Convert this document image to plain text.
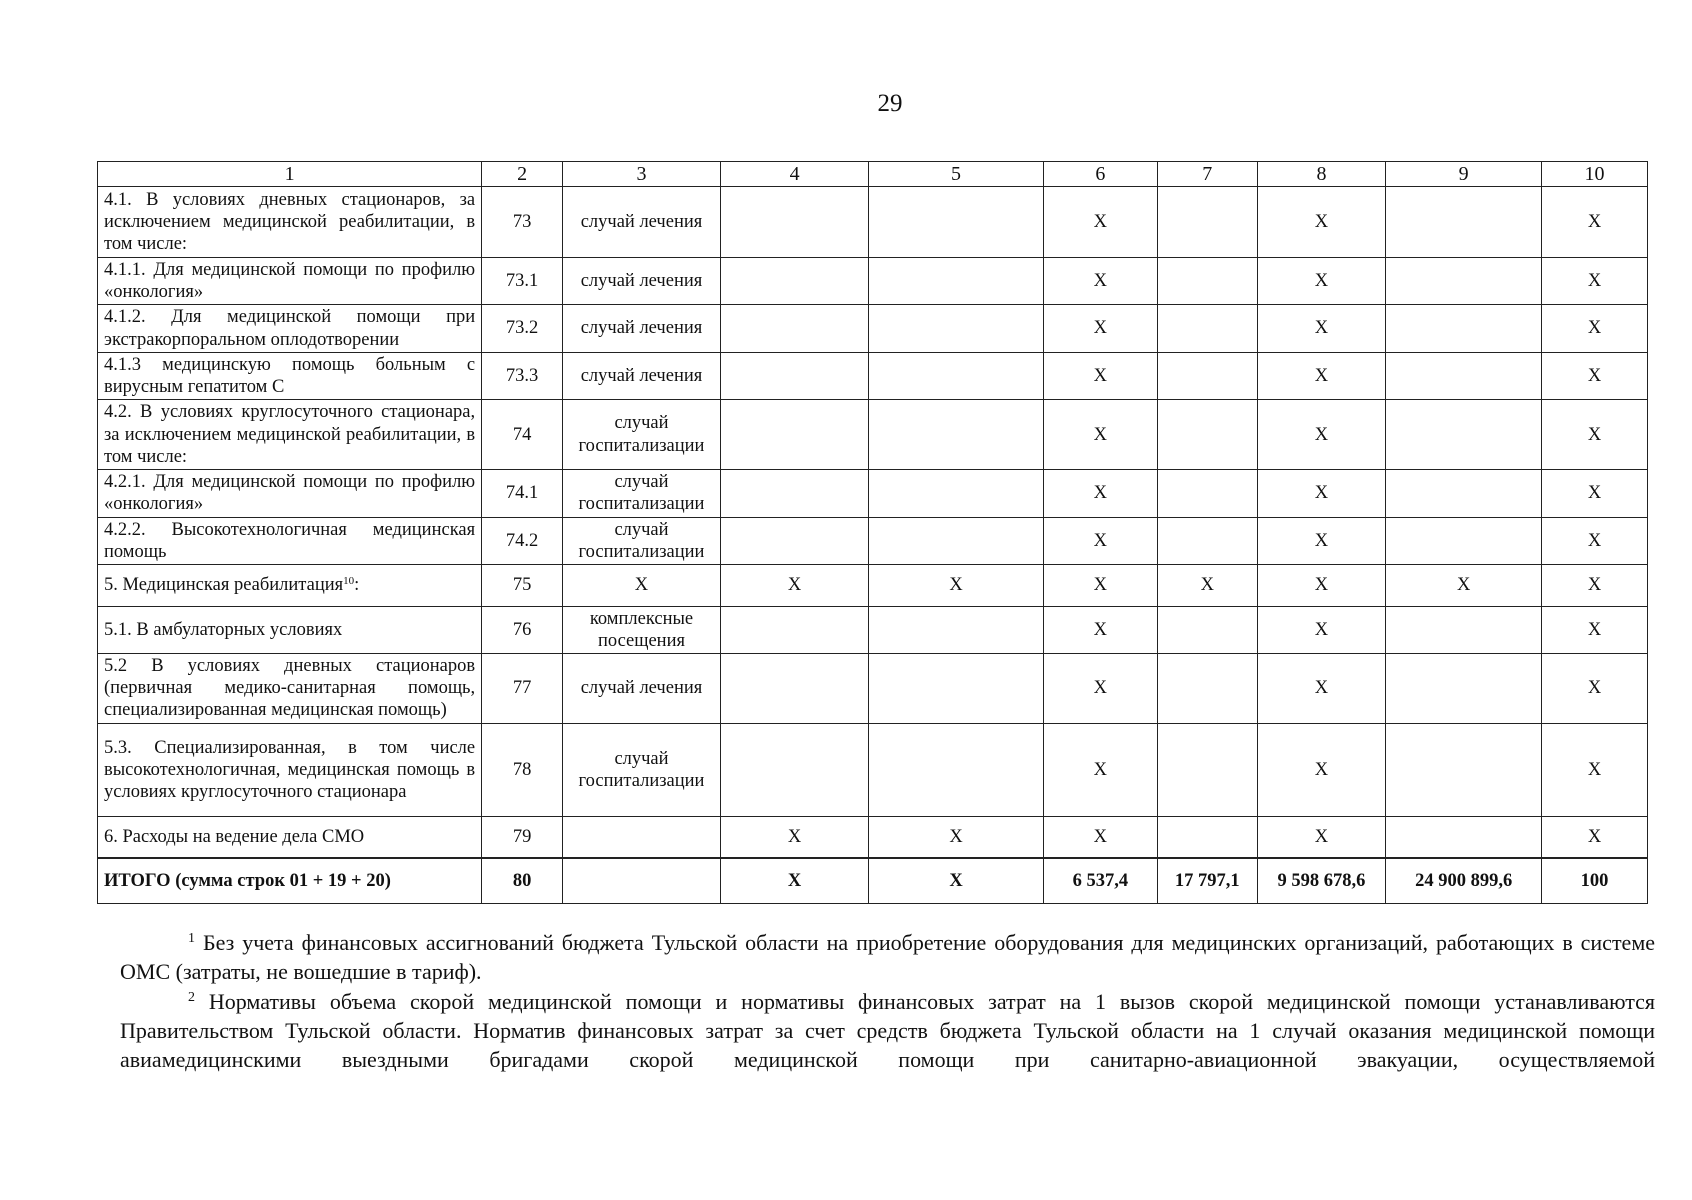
29
1	2	3	4	5	6	7	8	9	10
4.1. В условиях дневных стационаров, за исключением медицинской реабилитации, в том числе:	73	случай лечения			X		X		X
4.1.1. Для медицинской помощи по профилю «онкология»	73.1	случай лечения			X		X		X
4.1.2. Для медицинской помощи при экстракорпоральном оплодотворении	73.2	случай лечения			X		X		X
4.1.3 медицинскую помощь больным с вирусным гепатитом С	73.3	случай лечения			X		X		X
4.2. В условиях круглосуточного стационара, за исключением медицинской реабилитации, в том числе:	74	случай госпитализации			X		X		X
4.2.1. Для медицинской помощи по профилю «онкология»	74.1	случай госпитализации			X		X		X
4.2.2. Высокотехнологичная медицинская помощь	74.2	случай госпитализации			X		X		X
5. Медицинская реабилитация$^{10}$:	75	X	X	X	X	X	X	X	X
5.1. В амбулаторных условиях	76	комплексные посещения			X		X		X
5.2 В условиях дневных стационаров (первичная медико-санитарная помощь, специализированная медицинская помощь)	77	случай лечения			X		X		X
5.3. Специализированная, в том числе высокотехнологичная, медицинская помощь в условиях круглосуточного стационара	78	случай госпитализации			X		X		X
6. Расходы на ведение дела СМО	79		X	X	X		X		X
ИТОГО (сумма строк 01 + 19 + 20)	80		X	X	6 537,4	17 797,1	9 598 678,6	24 900 899,6	100

$^1$ Без учета финансовых ассигнований бюджета Тульской области на приобретение оборудования для медицинских организаций, работающих в системе ОМС (затраты, не вошедшие в тариф).

$^2$ Нормативы объема скорой медицинской помощи и нормативы финансовых затрат на 1 вызов скорой медицинской помощи устанавливаются Правительством Тульской области. Норматив финансовых затрат за счет средств бюджета Тульской области на 1 случай оказания медицинской помощи авиамедицинскими выездными бригадами скорой медицинской помощи при санитарно-авиационной эвакуации, осуществляемой
